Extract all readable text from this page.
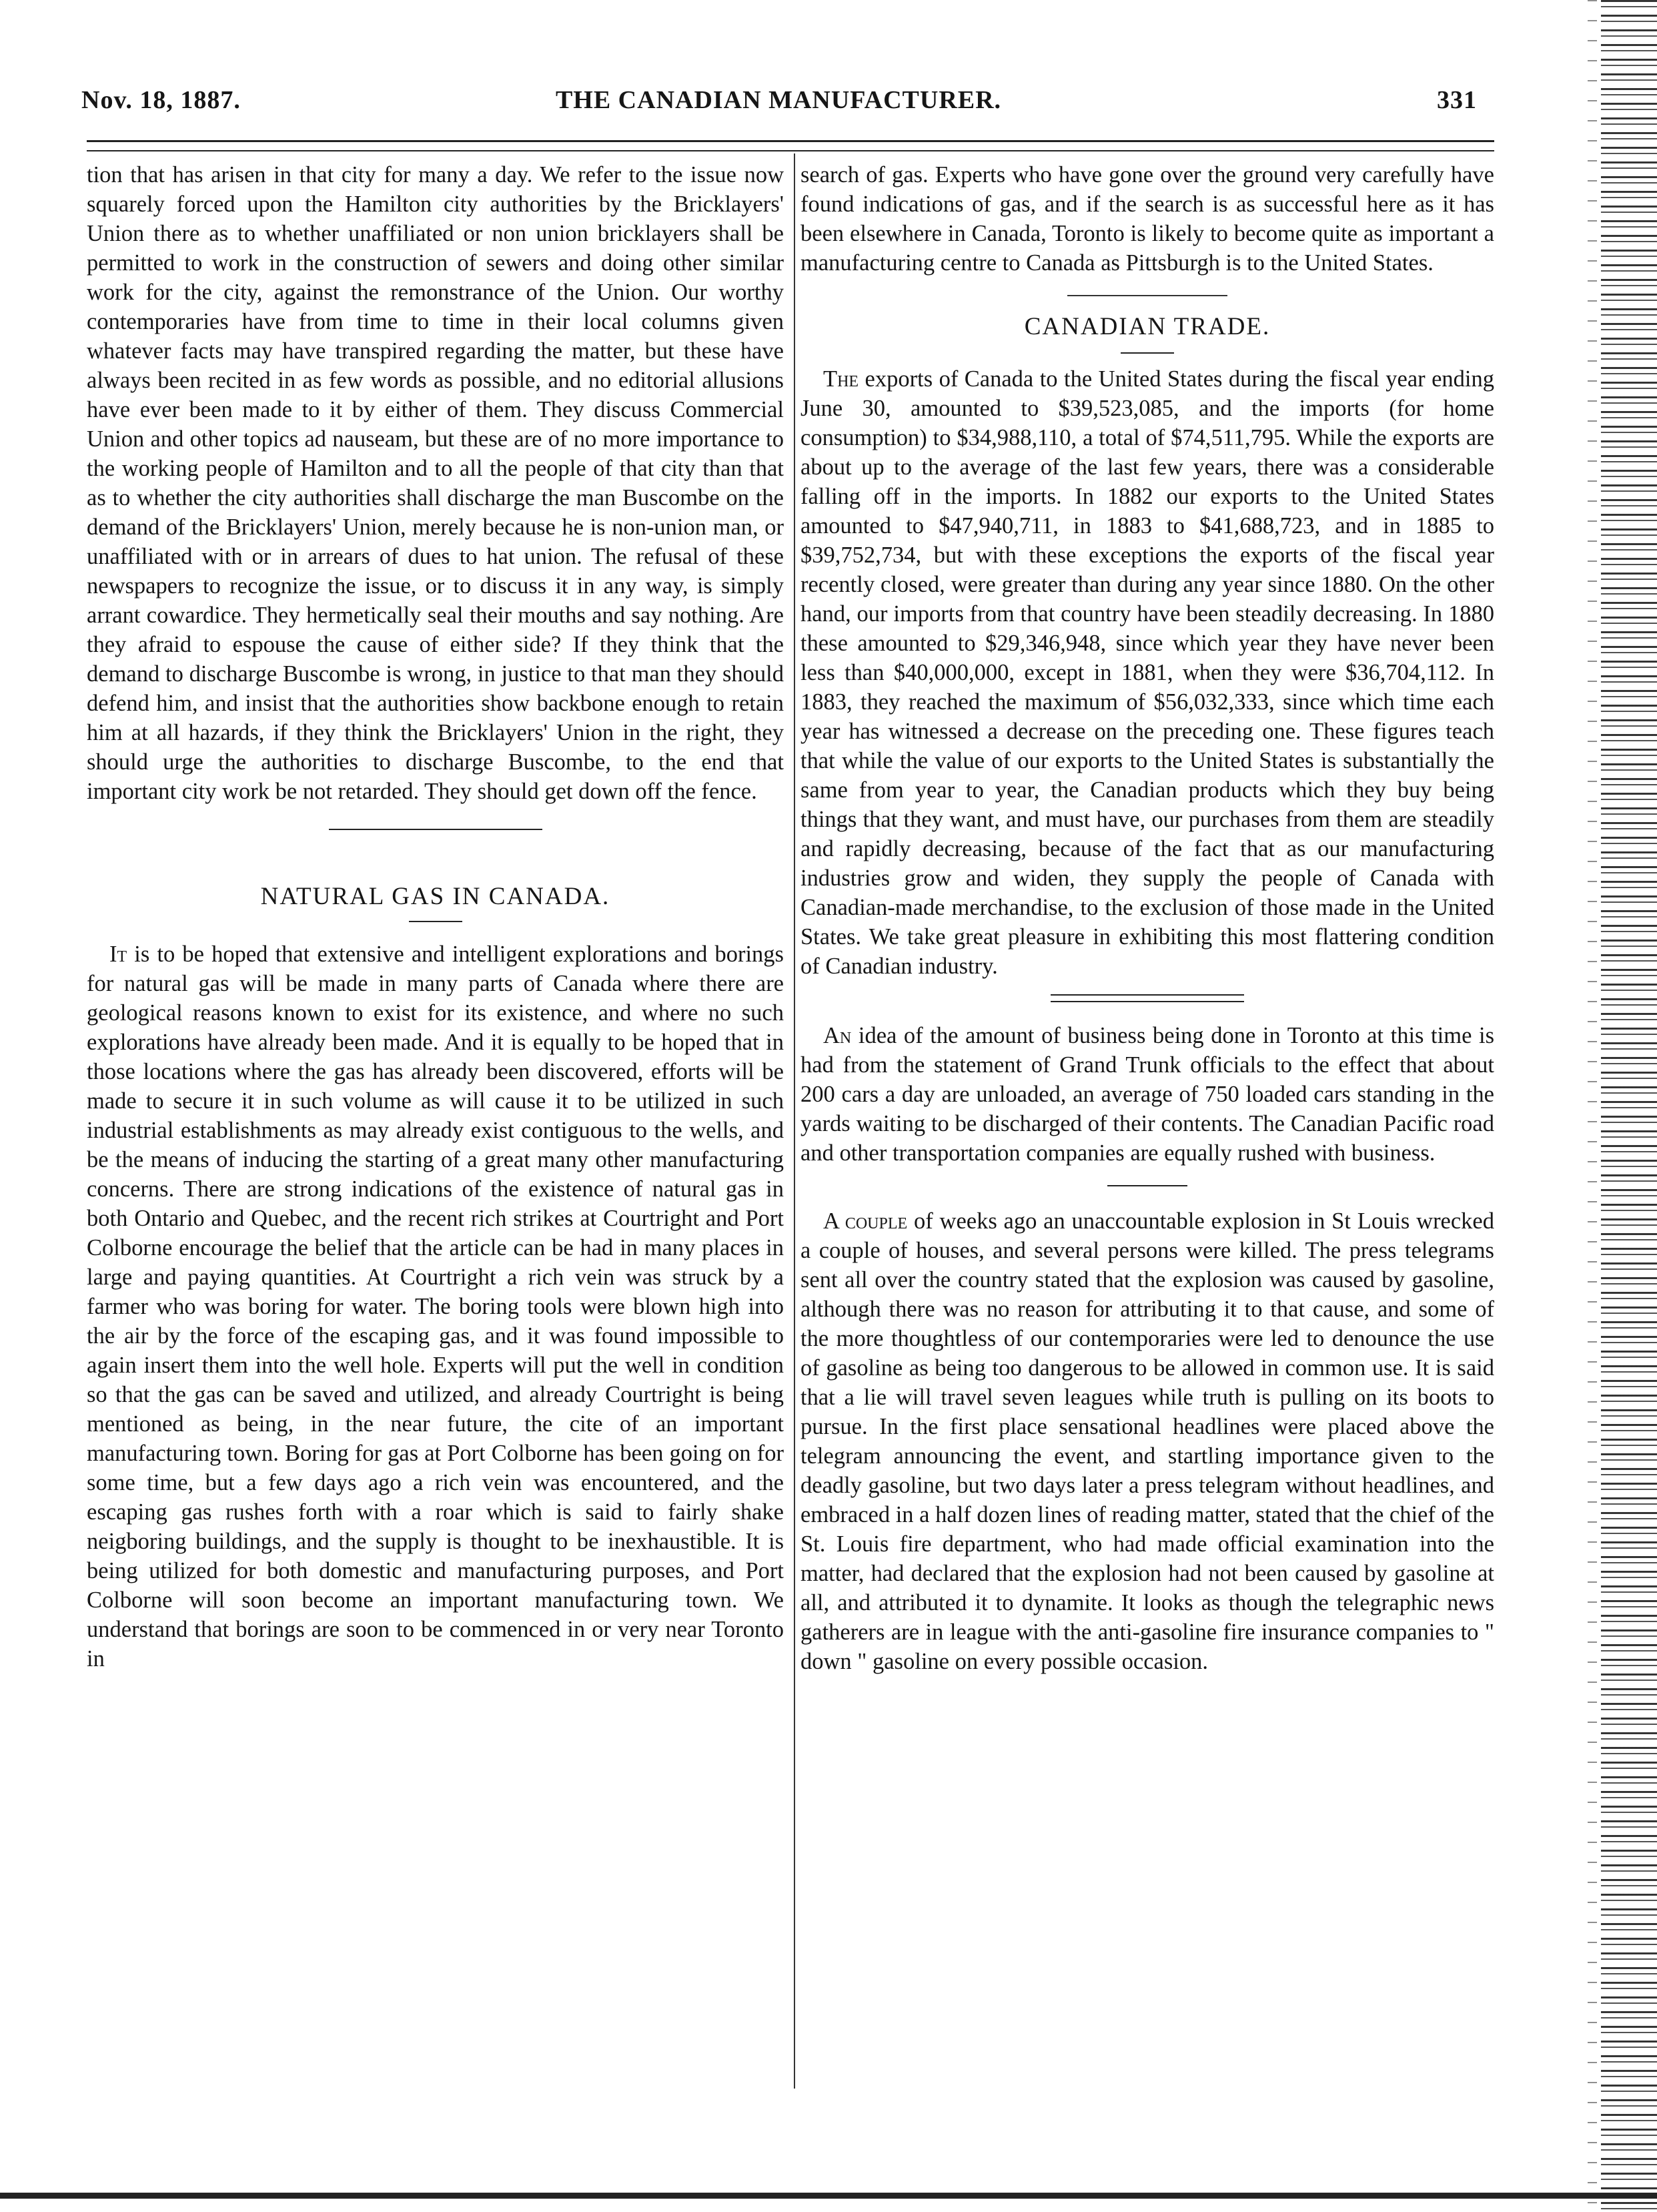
Nov. 18, 1887.	THE CANADIAN MANUFACTURER.	331

tion that has arisen in that city for many a day. We refer to the issue now squarely forced upon the Hamilton city authorities by the Bricklayers' Union there as to whether unaffiliated or non union bricklayers shall be permitted to work in the construction of sewers and doing other similar work for the city, against the remonstrance of the Union. Our worthy contemporaries have from time to time in their local columns given whatever facts may have transpired regarding the matter, but these have always been recited in as few words as possible, and no editorial allusions have ever been made to it by either of them. They discuss Commercial Union and other topics ad nauseam, but these are of no more importance to the working people of Hamilton and to all the people of that city than that as to whether the city authorities shall discharge the man Buscombe on the demand of the Bricklayers' Union, merely because he is non-union man, or unaffiliated with or in arrears of dues to hat union. The refusal of these newspapers to recognize the issue, or to discuss it in any way, is simply arrant cowardice. They hermetically seal their mouths and say nothing. Are they afraid to espouse the cause of either side? If they think that the demand to discharge Buscombe is wrong, in justice to that man they should defend him, and insist that the authorities show backbone enough to retain him at all hazards, if they think the Bricklayers' Union in the right, they should urge the authorities to discharge Buscombe, to the end that important city work be not retarded. They should get down off the fence.

NATURAL GAS IN CANADA.

It is to be hoped that extensive and intelligent explorations and borings for natural gas will be made in many parts of Canada where there are geological reasons known to exist for its existence, and where no such explorations have already been made. And it is equally to be hoped that in those locations where the gas has already been discovered, efforts will be made to secure it in such volume as will cause it to be utilized in such industrial establishments as may already exist contiguous to the wells, and be the means of inducing the starting of a great many other manufacturing concerns. There are strong indications of the existence of natural gas in both Ontario and Quebec, and the recent rich strikes at Courtright and Port Colborne encourage the belief that the article can be had in many places in large and paying quantities. At Courtright a rich vein was struck by a farmer who was boring for water. The boring tools were blown high into the air by the force of the escaping gas, and it was found impossible to again insert them into the well hole. Experts will put the well in condition so that the gas can be saved and utilized, and already Courtright is being mentioned as being, in the near future, the cite of an important manufacturing town. Boring for gas at Port Colborne has been going on for some time, but a few days ago a rich vein was encountered, and the escaping gas rushes forth with a roar which is said to fairly shake neigboring buildings, and the supply is thought to be inexhaustible. It is being utilized for both domestic and manufacturing purposes, and Port Colborne will soon become an important manufacturing town. We understand that borings are soon to be commenced in or very near Toronto in

search of gas. Experts who have gone over the ground very carefully have found indications of gas, and if the search is as successful here as it has been elsewhere in Canada, Toronto is likely to become quite as important a manufacturing centre to Canada as Pittsburgh is to the United States.

CANADIAN TRADE.

The exports of Canada to the United States during the fiscal year ending June 30, amounted to $39,523,085, and the imports (for home consumption) to $34,988,110, a total of $74,511,795. While the exports are about up to the average of the last few years, there was a considerable falling off in the imports. In 1882 our exports to the United States amounted to $47,940,711, in 1883 to $41,688,723, and in 1885 to $39,752,734, but with these exceptions the exports of the fiscal year recently closed, were greater than during any year since 1880. On the other hand, our imports from that country have been steadily decreasing. In 1880 these amounted to $29,346,948, since which year they have never been less than $40,000,000, except in 1881, when they were $36,704,112. In 1883, they reached the maximum of $56,032,333, since which time each year has witnessed a decrease on the preceding one. These figures teach that while the value of our exports to the United States is substantially the same from year to year, the Canadian products which they buy being things that they want, and must have, our purchases from them are steadily and rapidly decreasing, because of the fact that as our manufacturing industries grow and widen, they supply the people of Canada with Canadian-made merchandise, to the exclusion of those made in the United States. We take great pleasure in exhibiting this most flattering condition of Canadian industry.

An idea of the amount of business being done in Toronto at this time is had from the statement of Grand Trunk officials to the effect that about 200 cars a day are unloaded, an average of 750 loaded cars standing in the yards waiting to be discharged of their contents. The Canadian Pacific road and other transportation companies are equally rushed with business.

A couple of weeks ago an unaccountable explosion in St Louis wrecked a couple of houses, and several persons were killed. The press telegrams sent all over the country stated that the explosion was caused by gasoline, although there was no reason for attributing it to that cause, and some of the more thoughtless of our contemporaries were led to denounce the use of gasoline as being too dangerous to be allowed in common use. It is said that a lie will travel seven leagues while truth is pulling on its boots to pursue. In the first place sensational headlines were placed above the telegram announcing the event, and startling importance given to the deadly gasoline, but two days later a press telegram without headlines, and embraced in a half dozen lines of reading matter, stated that the chief of the St. Louis fire department, who had made official examination into the matter, had declared that the explosion had not been caused by gasoline at all, and attributed it to dynamite. It looks as though the telegraphic news gatherers are in league with the anti-gasoline fire insurance companies to " down " gasoline on every possible occasion.
